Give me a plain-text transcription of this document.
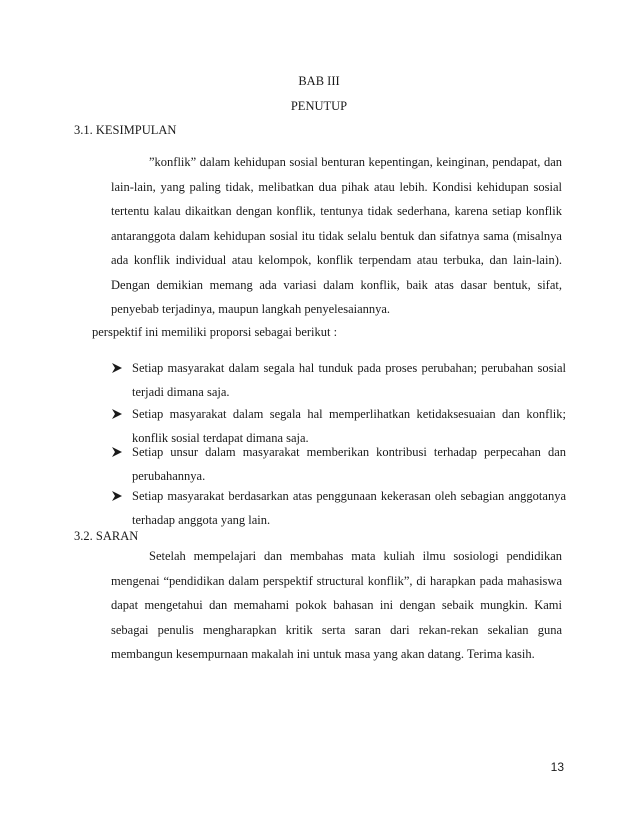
BAB III
PENUTUP
3.1. KESIMPULAN
”konflik” dalam kehidupan sosial benturan kepentingan, keinginan, pendapat, dan
lain-lain, yang paling tidak, melibatkan dua pihak atau lebih. Kondisi kehidupan sosial
tertentu kalau dikaitkan dengan konflik, tentunya tidak sederhana, karena setiap konflik
antaranggota dalam kehidupan sosial itu tidak selalu bentuk dan sifatnya sama (misalnya
ada konflik individual atau kelompok, konflik terpendam atau terbuka, dan lain-lain).
Dengan demikian memang ada variasi dalam konflik, baik atas dasar bentuk, sifat,
penyebab terjadinya, maupun langkah penyelesaiannya.
perspektif ini memiliki proporsi sebagai berikut :
Setiap masyarakat dalam segala hal tunduk pada proses perubahan; perubahan sosial
terjadi dimana saja.
Setiap masyarakat dalam segala hal memperlihatkan ketidaksesuaian dan konflik;
konflik sosial terdapat dimana saja.
Setiap unsur dalam masyarakat memberikan kontribusi terhadap perpecahan dan
perubahannya.
Setiap masyarakat berdasarkan atas penggunaan kekerasan oleh sebagian anggotanya
terhadap anggota yang lain.
3.2. SARAN
Setelah mempelajari dan membahas mata kuliah ilmu sosiologi pendidikan
mengenai “pendidikan dalam perspektif structural konflik”, di harapkan pada mahasiswa
dapat mengetahui dan memahami pokok bahasan ini dengan sebaik mungkin. Kami
sebagai penulis mengharapkan kritik serta saran dari rekan-rekan sekalian guna
membangun kesempurnaan makalah ini untuk masa yang akan datang. Terima kasih.
13
